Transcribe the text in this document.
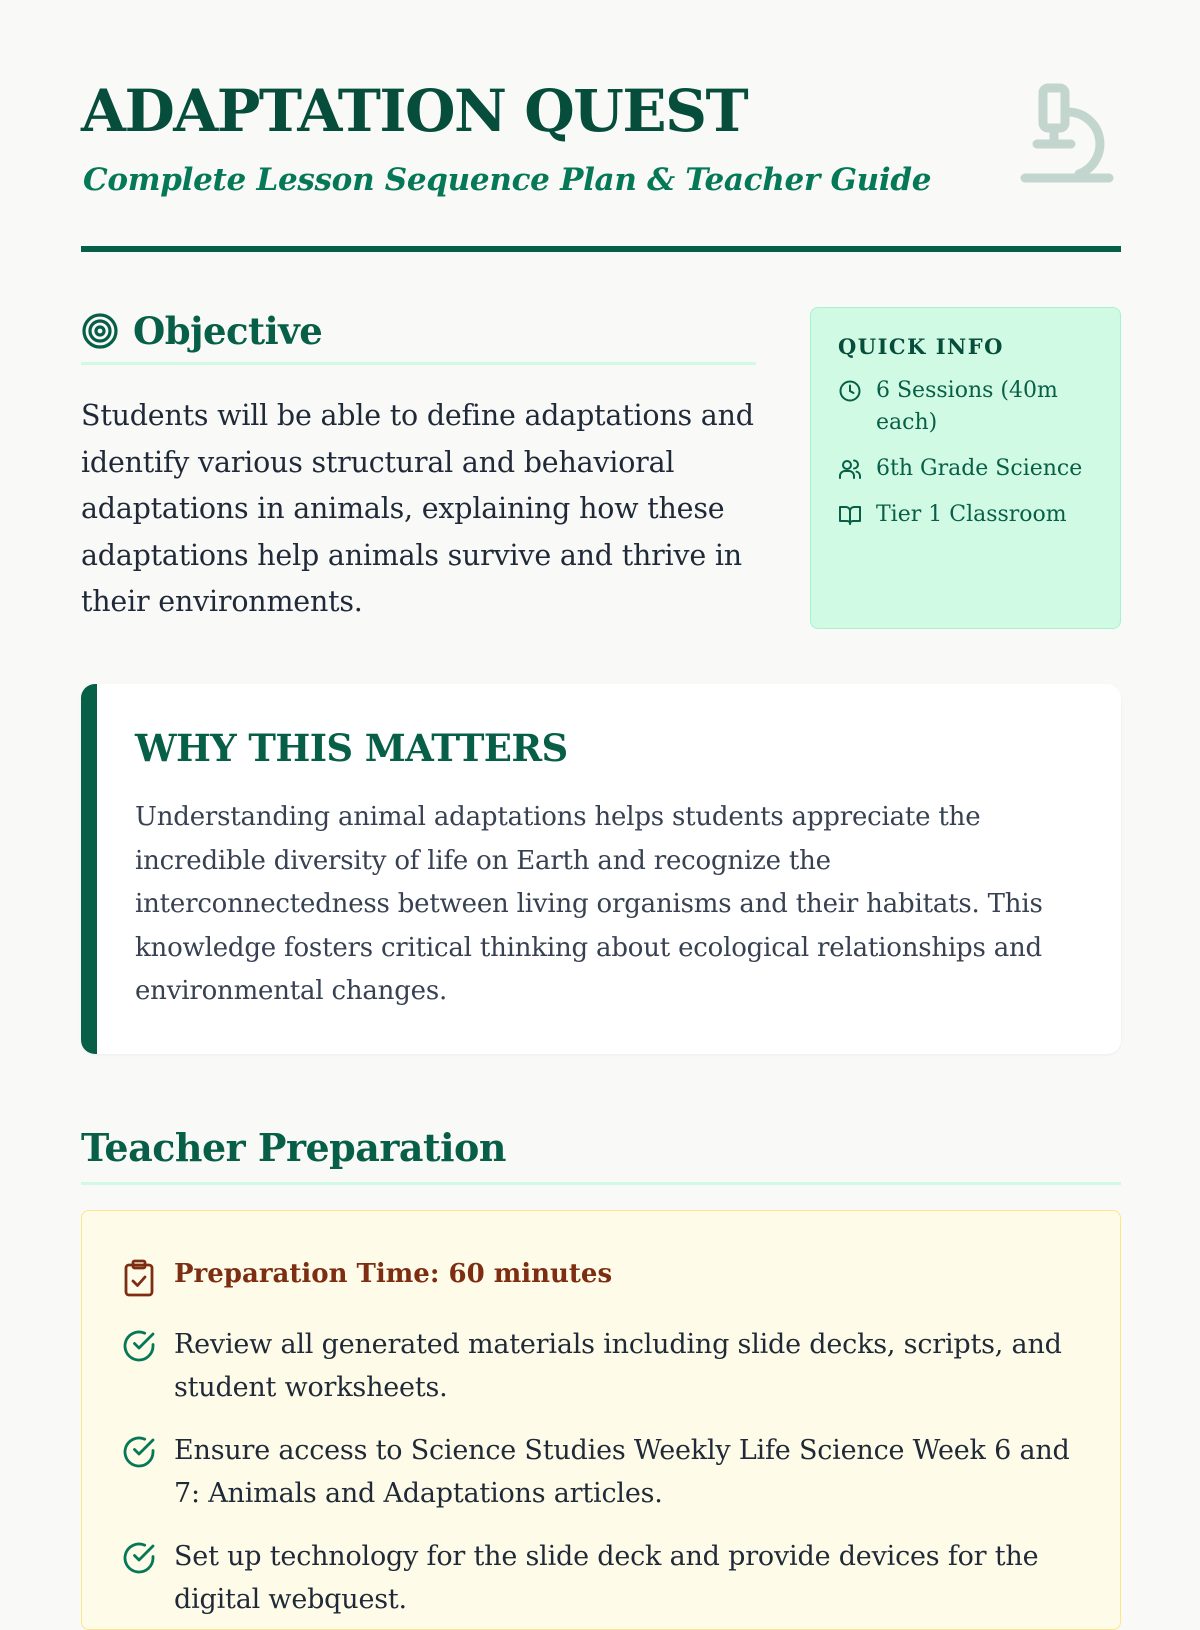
ADAPTATION QUEST
Complete Lesson Sequence Plan & Teacher Guide
Objective

Students will be able to define adaptations and identify various structural and behavioral adaptations in animals, explaining how these adaptations help animals survive and thrive in their environments.

QUICK INFO
6 Sessions (40m each)
6th Grade Science
Tier 1 Classroom
WHY THIS MATTERS

Understanding animal adaptations helps students appreciate the incredible diversity of life on Earth and recognize the interconnectedness between living organisms and their habitats. This knowledge fosters critical thinking about ecological relationships and environmental changes.

Teacher Preparation
Preparation Time: 60 minutes
Review all generated materials including slide decks, scripts, and student worksheets.
Ensure access to Science Studies Weekly Life Science Week 6 and 7: Animals and Adaptations articles.
Set up technology for the slide deck and provide devices for the digital webquest.
